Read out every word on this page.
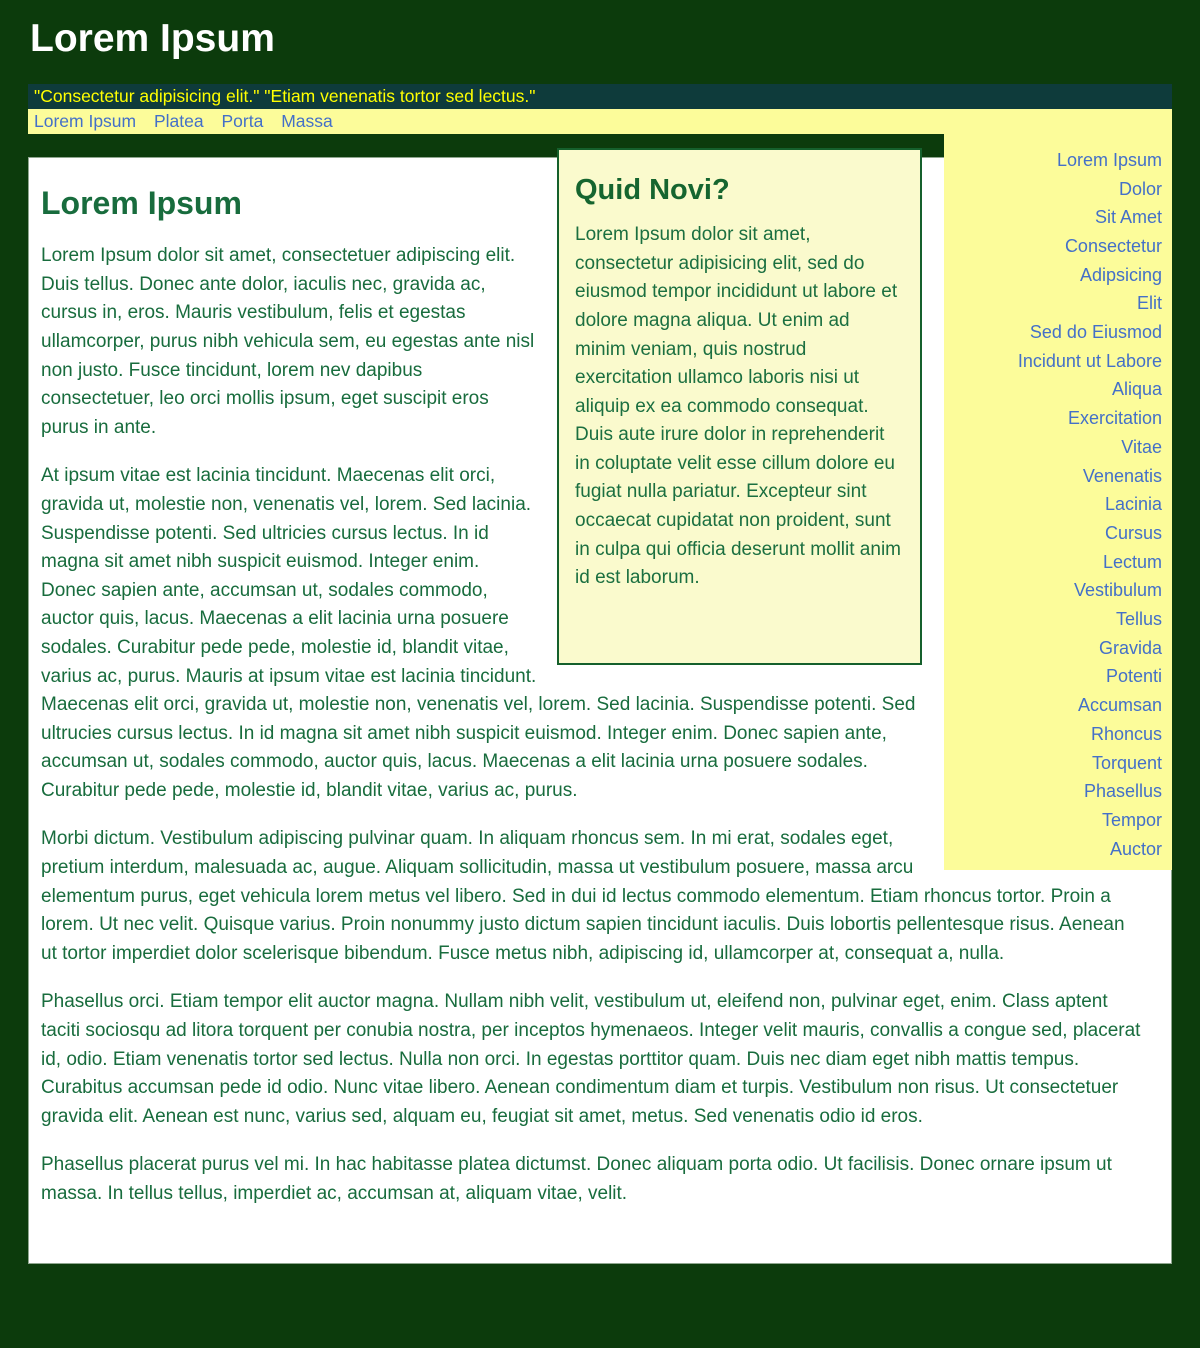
Lorem Ipsum
"Consectetur adipisicing elit." "Etiam venenatis tortor sed lectus."
Lorem Ipsum Platea Porta Massa
Lorem Ipsum
Dolor
Sit Amet
Consectetur
Adipsicing
Elit
Sed do Eiusmod
Incidunt ut Labore
Aliqua
Exercitation
Vitae
Venenatis
Lacinia
Cursus
Lectum
Vestibulum
Tellus
Gravida
Potenti
Accumsan
Rhoncus
Torquent
Phasellus
Tempor
Auctor
Quid Novi?

Lorem Ipsum dolor sit amet, consectetur adipisicing elit, sed do eiusmod tempor incididunt ut labore et dolore magna aliqua. Ut enim ad minim veniam, quis nostrud exercitation ullamco laboris nisi ut aliquip ex ea commodo consequat. Duis aute irure dolor in reprehenderit in coluptate velit esse cillum dolore eu fugiat nulla pariatur. Excepteur sint occaecat cupidatat non proident, sunt in culpa qui officia deserunt mollit anim id est laborum.

Lorem Ipsum

Lorem Ipsum dolor sit amet, consectetuer adipiscing elit. Duis tellus. Donec ante dolor, iaculis nec, gravida ac, cursus in, eros. Mauris vestibulum, felis et egestas ullamcorper, purus nibh vehicula sem, eu egestas ante nisl non justo. Fusce tincidunt, lorem nev dapibus consectetuer, leo orci mollis ipsum, eget suscipit eros purus in ante.

At ipsum vitae est lacinia tincidunt. Maecenas elit orci, gravida ut, molestie non, venenatis vel, lorem. Sed lacinia. Suspendisse potenti. Sed ultricies cursus lectus. In id magna sit amet nibh suspicit euismod. Integer enim. Donec sapien ante, accumsan ut, sodales commodo, auctor quis, lacus. Maecenas a elit lacinia urna posuere sodales. Curabitur pede pede, molestie id, blandit vitae, varius ac, purus. Mauris at ipsum vitae est lacinia tincidunt. Maecenas elit orci, gravida ut, molestie non, venenatis vel, lorem. Sed lacinia. Suspendisse potenti. Sed ultrucies cursus lectus. In id magna sit amet nibh suspicit euismod. Integer enim. Donec sapien ante, accumsan ut, sodales commodo, auctor quis, lacus. Maecenas a elit lacinia urna posuere sodales. Curabitur pede pede, molestie id, blandit vitae, varius ac, purus.

Morbi dictum. Vestibulum adipiscing pulvinar quam. In aliquam rhoncus sem. In mi erat, sodales eget, pretium interdum, malesuada ac, augue. Aliquam sollicitudin, massa ut vestibulum posuere, massa arcu elementum purus, eget vehicula lorem metus vel libero. Sed in dui id lectus commodo elementum. Etiam rhoncus tortor. Proin a lorem. Ut nec velit. Quisque varius. Proin nonummy justo dictum sapien tincidunt iaculis. Duis lobortis pellentesque risus. Aenean ut tortor imperdiet dolor scelerisque bibendum. Fusce metus nibh, adipiscing id, ullamcorper at, consequat a, nulla.

Phasellus orci. Etiam tempor elit auctor magna. Nullam nibh velit, vestibulum ut, eleifend non, pulvinar eget, enim. Class aptent taciti sociosqu ad litora torquent per conubia nostra, per inceptos hymenaeos. Integer velit mauris, convallis a congue sed, placerat id, odio. Etiam venenatis tortor sed lectus. Nulla non orci. In egestas porttitor quam. Duis nec diam eget nibh mattis tempus. Curabitus accumsan pede id odio. Nunc vitae libero. Aenean condimentum diam et turpis. Vestibulum non risus. Ut consectetuer gravida elit. Aenean est nunc, varius sed, alquam eu, feugiat sit amet, metus. Sed venenatis odio id eros.

Phasellus placerat purus vel mi. In hac habitasse platea dictumst. Donec aliquam porta odio. Ut facilisis. Donec ornare ipsum ut massa. In tellus tellus, imperdiet ac, accumsan at, aliquam vitae, velit.
